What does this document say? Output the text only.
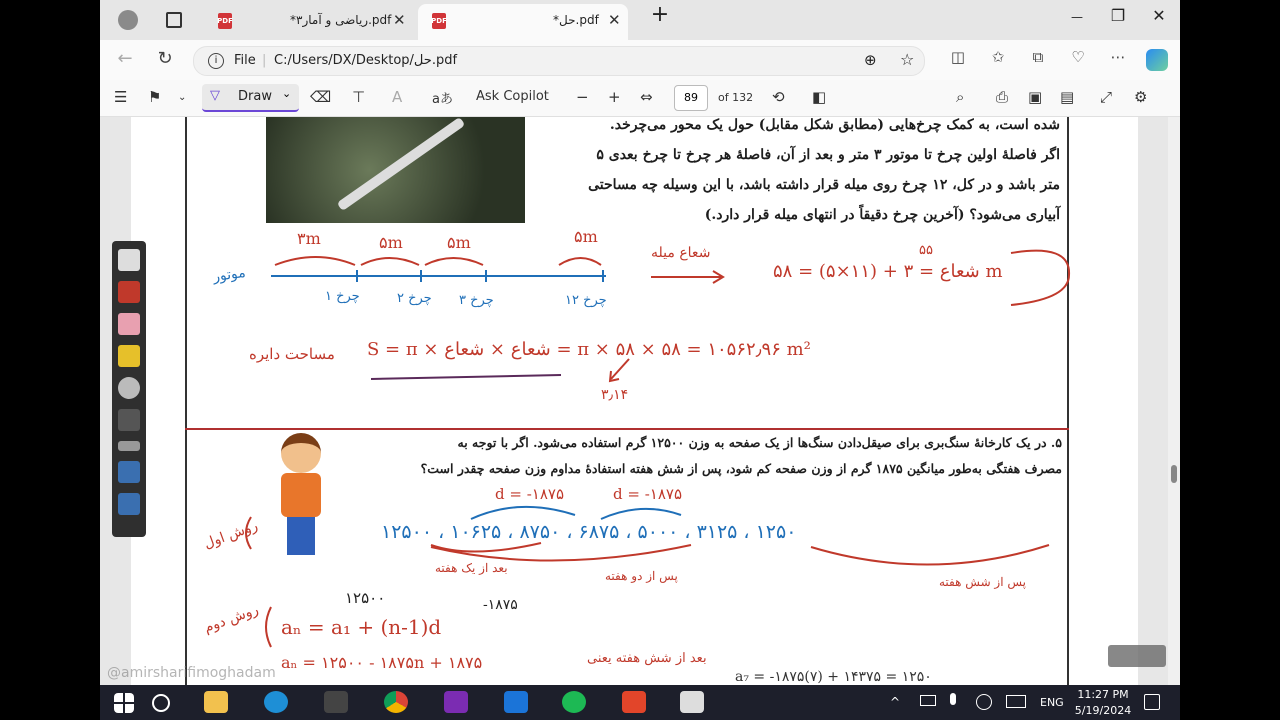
PDF	*ریاضی و آمار۳.pdf ✕	PDF	*حل.pdf ✕ +	—	❐	✕
←	↻	i	File | C:/Users/DX/Desktop/حل.pdf	⊕ ☆	◫	✩	⧉	♡	⋯
☰ ⚑ ⌄ ▽ Draw ⌄ ⌫ ⊤ A aあ Ask Copilot − + ⇔	89	of 132 ⟲ ◧	⌕ ⎙ ▣ ▤ ⤢ ⚙
شده است، به کمک چرخ‌هایی (مطابق شکل مقابل) حول یک محور می‌چرخد.
اگر فاصلهٔ اولین چرخ تا موتور ۳ متر و بعد از آن، فاصلهٔ هر چرخ تا چرخ بعدی ۵
متر باشد و در کل، ۱۲ چرخ روی میله قرار داشته باشد، با این وسیله چه مساحتی
آبیاری می‌شود؟ (آخرین چرخ دقیقاً در انتهای میله قرار دارد.)
۳m	۵m	۵m	۵m
موتور	...
چرخ ۱	چرخ ۲ چرخ ۳	چرخ ۱۲
شعاع میله	۵۵
شعاع = ۳ + (۱۱×۵) = ۵۸ m
مساحت دایره S = π × شعاع × شعاع = π × ۵۸ × ۵۸ = ۱۰۵۶۲٫۹۶ m²
۳٫۱۴
۵. در یک کارخانهٔ سنگ‌بری برای صیقل‌دادن سنگ‌ها از یک صفحه به وزن ۱۲۵۰۰ گرم استفاده می‌شود. اگر با توجه به
مصرف هفتگی به‌طور میانگین ۱۸۷۵ گرم از وزن صفحه کم شود، پس از شش هفته استفادهٔ مداوم وزن صفحه چقدر است؟
d = -۱۸۷۵	d = -۱۸۷۵
۱۲۵۰۰ ، ۱۰۶۲۵ ، ۸۷۵۰ ، ۶۸۷۵ ، ۵۰۰۰ ، ۳۱۲۵ ، ۱۲۵۰
روش اول
بعد از یک هفته
پس از دو هفته	پس از شش هفته
روش دوم
۱۲۵۰۰	-۱۸۷۵
aₙ = a₁ + (n-1)d
aₙ = ۱۲۵۰۰ - ۱۸۷۵n + ۱۸۷۵	بعد از شش هفته یعنی
a₇ = -۱۸۷۵(۷) + ۱۴۳۷۵ = ۱۲۵۰
@amirsharifimoghadam
^	ENG
11:27 PM
5/19/2024
